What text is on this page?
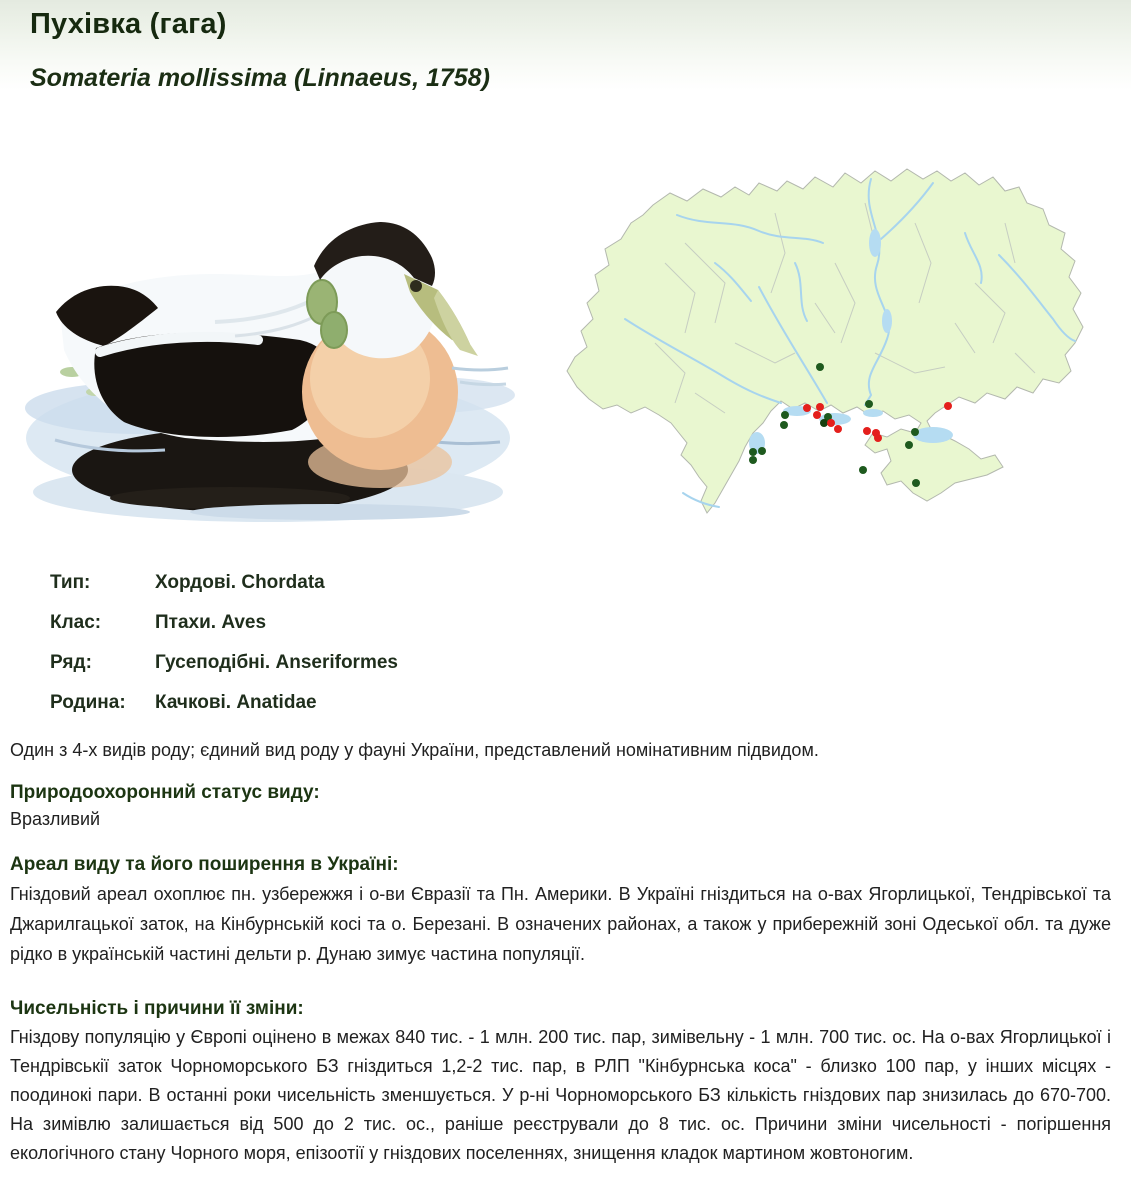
Пухівка (гага)
Somateria mollissima (Linnaeus, 1758)
Тип:	Хордові. Chordata
Клас:	Птахи. Aves
Ряд:	Гусеподібні. Anseriformes
Родина:	Качкові. Anatidae

Один з 4-х видів роду; єдиний вид роду у фауні України, представлений номінативним підвидом.

Природоохоронний статус виду:

Вразливий

Ареал виду та його поширення в Україні:

Гніздовий ареал охоплює пн. узбережжя і о-ви Євразії та Пн. Америки. В Україні гніздиться на о-вах Ягорлицької, Тендрівської та Джарилгацької заток, на Кінбурнській косі та о. Березані. В означених районах, а також у прибережній зоні Одеської обл. та дуже рідко в українській частині дельти р. Дунаю зимує частина популяції.

Чисельність і причини її зміни:

Гніздову популяцію у Європі оцінено в межах 840 тис. - 1 млн. 200 тис. пар, зимівельну - 1 млн. 700 тис. ос. На о-вах Ягорлицької і Тендрівськії заток Чорноморського БЗ гніздиться 1,2-2 тис. пар, в РЛП "Кінбурнська коса" - близко 100 пар, у інших місцях - поодинокі пари. В останні роки чисельність зменшується. У р-ні Чорноморського БЗ кількість гніздових пар знизилась до 670-700. На зимівлю залишається від 500 до 2 тис. ос., раніше реєстрували до 8 тис. ос. Причини зміни чисельності - погіршення екологічного стану Чорного моря, епізоотії у гніздових поселеннях, знищення кладок мартином жовтоногим.
